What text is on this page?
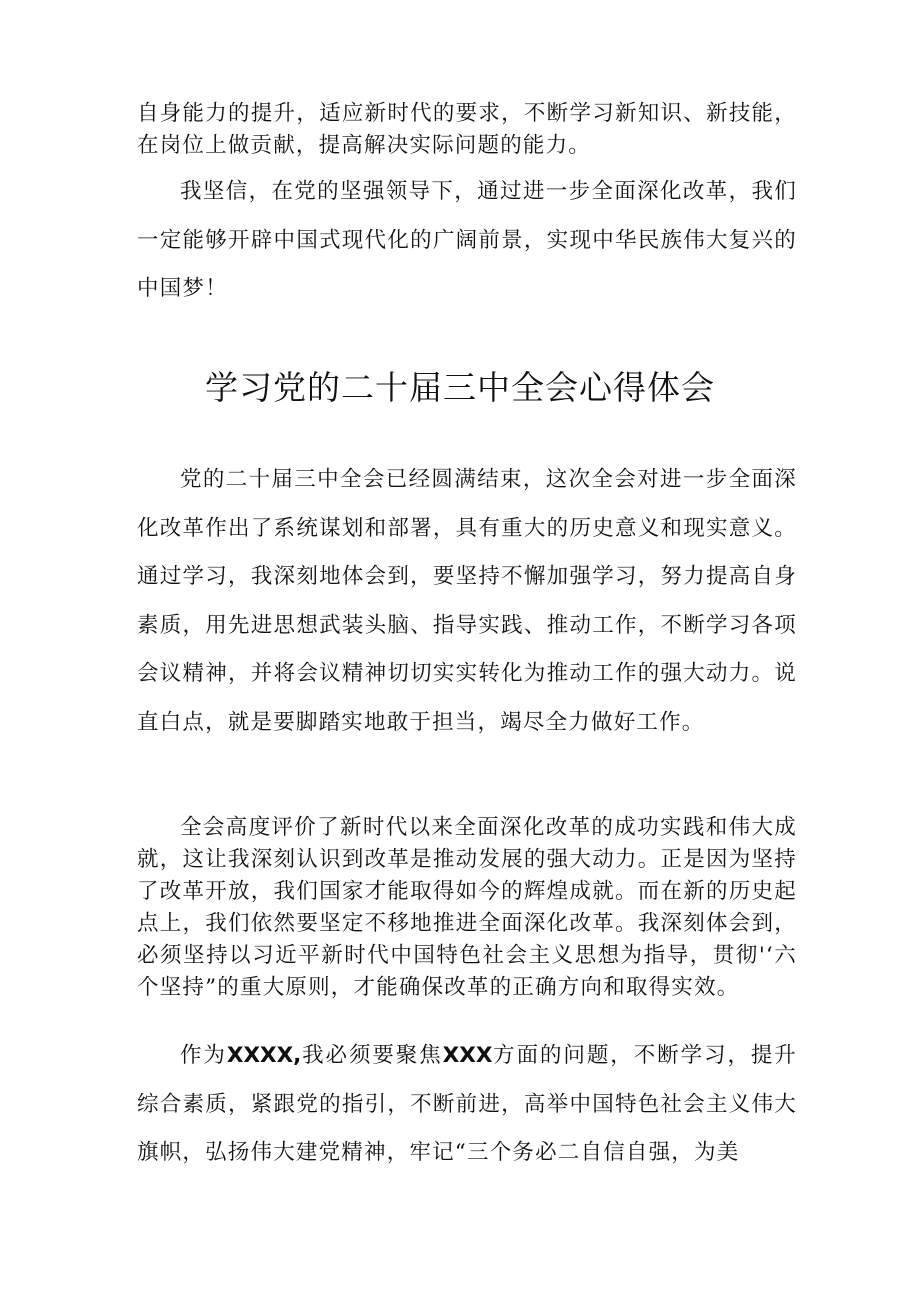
自身能力的提升，适应新时代的要求，不断学习新知识、新技能，在岗位上做贡献，提高解决实际问题的能力。

我坚信，在党的坚强领导下，通过进一步全面深化改革，我们一定能够开辟中国式现代化的广阔前景，实现中华民族伟大复兴的中国梦！

学习党的二十届三中全会心得体会

党的二十届三中全会已经圆满结束，这次全会对进一步全面深化改革作出了系统谋划和部署，具有重大的历史意义和现实意义。通过学习，我深刻地体会到，要坚持不懈加强学习，努力提高自身素质，用先进思想武装头脑、指导实践、推动工作，不断学习各项会议精神，并将会议精神切切实实转化为推动工作的强大动力。说直白点，就是要脚踏实地敢于担当，竭尽全力做好工作。

全会高度评价了新时代以来全面深化改革的成功实践和伟大成就，这让我深刻认识到改革是推动发展的强大动力。正是因为坚持了改革开放，我们国家才能取得如今的辉煌成就。而在新的历史起点上，我们依然要坚定不移地推进全面深化改革。我深刻体会到，必须坚持以习近平新时代中国特色社会主义思想为指导，贯彻'‘六个坚持”的重大原则，才能确保改革的正确方向和取得实效。

作为XXXX,我必须要聚焦XXX方面的问题，不断学习，提升综合素质，紧跟党的指引，不断前进，高举中国特色社会主义伟大旗帜，弘扬伟大建党精神，牢记“三个务必二自信自强，为美
